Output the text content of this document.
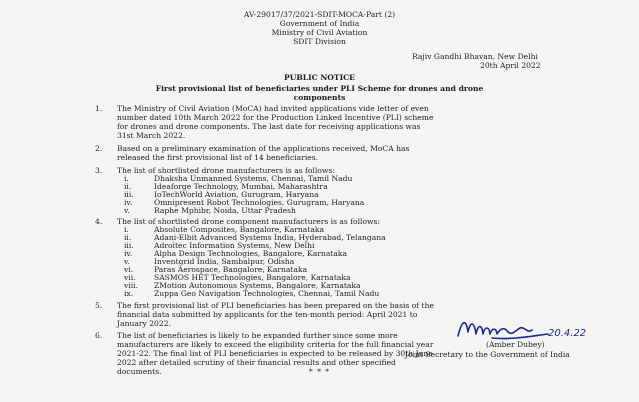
AV-29017/37/2021-SDIT-MOCA-Part (2)
Government of India
Ministry of Civil Aviation
SDIT Division
Rajiv Gandhi Bhavan, New Delhi
20th April 2022
PUBLIC NOTICE
First provisional list of beneficiaries under PLI Scheme for drones and drone
components
1. The Ministry of Civil Aviation (MoCA) had invited applications vide letter of even
number dated 10th March 2022 for the Production Linked Incentive (PLI) scheme
for drones and drone components. The last date for receiving applications was
31st March 2022.
2. Based on a preliminary examination of the applications received, MoCA has
released the first provisional list of 14 beneficiaries.
3. The list of shortlisted drone manufacturers is as follows:
i.	Dhaksha Unmanned Systems, Chennai, Tamil Nadu
ii.	Ideaforge Technology, Mumbai, Maharashtra
iii.	IoTechWorld Aviation, Gurugram, Haryana
iv.	Omnipresent Robot Technologies, Gurugram, Haryana
v.	Raphe Mphibr, Noida, Uttar Pradesh
4. The list of shortlisted drone component manufacturers is as follows:
i.	Absolute Composites, Bangalore, Karnataka
ii.	Adani-Elbit Advanced Systems India, Hyderabad, Telangana
iii.	Adroitec Information Systems, New Delhi
iv.	Alpha Design Technologies, Bangalore, Karnataka
v.	Inventgrid India, Sambalpur, Odisha
vi.	Paras Aerospace, Bangalore, Karnataka
vii. SASMOS HET Technologies, Bangalore, Karnataka
viii. ZMotion Autonomous Systems, Bangalore, Karnataka
ix.	Zuppa Geo Navigation Technologies, Chennai, Tamil Nadu
5. The first provisional list of PLI beneficiaries has been prepared on the basis of the
financial data submitted by applicants for the ten-month period: April 2021 to
January 2022.
6. The list of beneficiaries is likely to be expanded further since some more
manufacturers are likely to exceed the eligibility criteria for the full financial year
2021-22. The final list of PLI beneficiaries is expected to be released by 30th June
2022 after detailed scrutiny of their financial results and other specified
documents.
20.4.22
(Amber Dubey)
Joint Secretary to the Government of India
* * *
